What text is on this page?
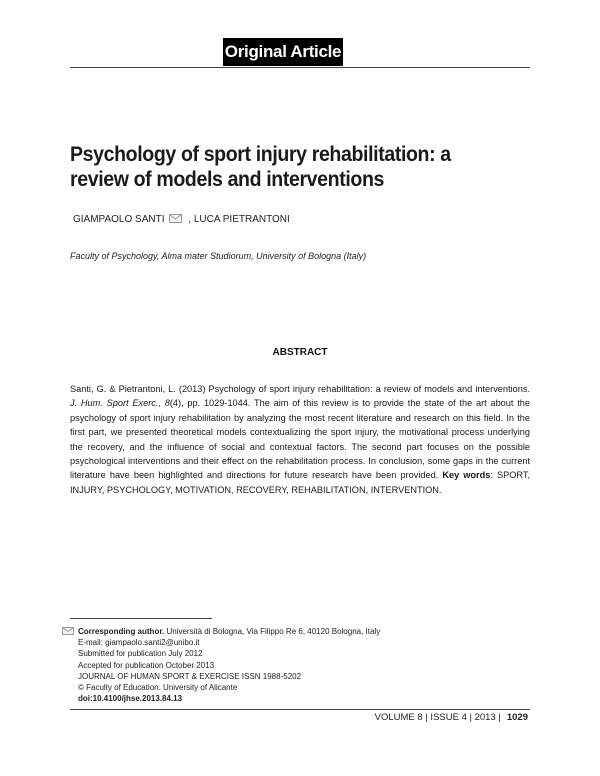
Original Article
Psychology of sport injury rehabilitation: a review of models and interventions
GIAMPAOLO SANTI , LUCA PIETRANTONI
Faculty of Psychology, Alma mater Studiorum, University of Bologna (Italy)
ABSTRACT

Santi, G. & Pietrantoni, L. (2013) Psychology of sport injury rehabilitation: a review of models and interventions. J. Hum. Sport Exerc., 8(4), pp. 1029-1044. The aim of this review is to provide the state of the art about the psychology of sport injury rehabilitation by analyzing the most recent literature and research on this field. In the first part, we presented theoretical models contextualizing the sport injury, the motivational process underlying the recovery, and the influence of social and contextual factors. The second part focuses on the possible psychological interventions and their effect on the rehabilitation process. In conclusion, some gaps in the current literature have been highlighted and directions for future research have been provided. Key words: SPORT, INJURY, PSYCHOLOGY, MOTIVATION, RECOVERY, REHABILITATION, INTERVENTION.

Corresponding author. Università di Bologna, Via Filippo Re 6, 40120 Bologna, Italy
E-mail: giampaolo.santi2@unibo.it
Submitted for publication July 2012
Accepted for publication October 2013
JOURNAL OF HUMAN SPORT & EXERCISE ISSN 1988-5202
© Faculty of Education. University of Alicante
doi:10.4100/jhse.2013.84.13
VOLUME 8 | ISSUE 4 | 2013 | 1029
